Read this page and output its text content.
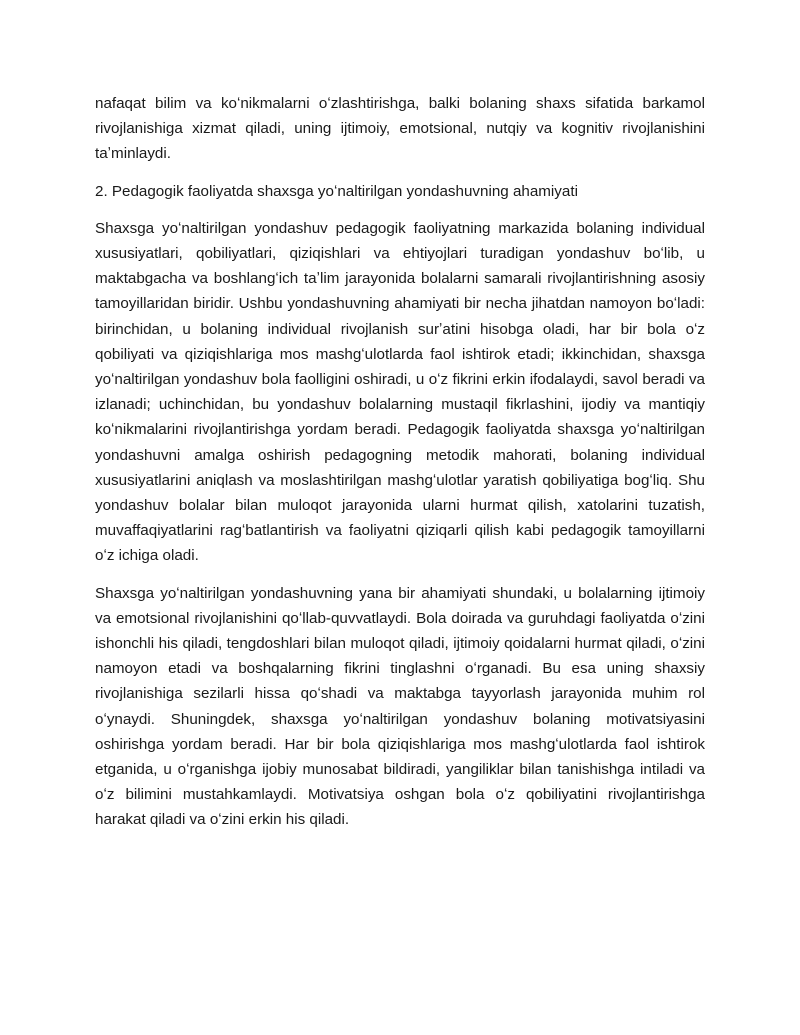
nafaqat bilim va koʻnikmalarni oʻzlashtirishga, balki bolaning shaxs sifatida barkamol rivojlanishiga xizmat qiladi, uning ijtimoiy, emotsional, nutqiy va kognitiv rivojlanishini taʼminlaydi.

2. Pedagogik faoliyatda shaxsga yoʻnaltirilgan yondashuvning ahamiyati

Shaxsga yoʻnaltirilgan yondashuv pedagogik faoliyatning markazida bolaning individual xususiyatlari, qobiliyatlari, qiziqishlari va ehtiyojlari turadigan yondashuv boʻlib, u maktabgacha va boshlangʻich taʼlim jarayonida bolalarni samarali rivojlantirishning asosiy tamoyillaridan biridir. Ushbu yondashuvning ahamiyati bir necha jihatdan namoyon boʻladi: birinchidan, u bolaning individual rivojlanish surʼatini hisobga oladi, har bir bola oʻz qobiliyati va qiziqishlariga mos mashgʻulotlarda faol ishtirok etadi; ikkinchidan, shaxsga yoʻnaltirilgan yondashuv bola faolligini oshiradi, u oʻz fikrini erkin ifodalaydi, savol beradi va izlanadi; uchinchidan, bu yondashuv bolalarning mustaqil fikrlashini, ijodiy va mantiqiy koʻnikmalarini rivojlantirishga yordam beradi. Pedagogik faoliyatda shaxsga yoʻnaltirilgan yondashuvni amalga oshirish pedagogning metodik mahorati, bolaning individual xususiyatlarini aniqlash va moslashtirilgan mashgʻulotlar yaratish qobiliyatiga bogʻliq. Shu yondashuv bolalar bilan muloqot jarayonida ularni hurmat qilish, xatolarini tuzatish, muvaffaqiyatlarini ragʻbatlantirish va faoliyatni qiziqarli qilish kabi pedagogik tamoyillarni oʻz ichiga oladi.

Shaxsga yoʻnaltirilgan yondashuvning yana bir ahamiyati shundaki, u bolalarning ijtimoiy va emotsional rivojlanishini qoʻllab-quvvatlaydi. Bola doirada va guruhdagi faoliyatda oʻzini ishonchli his qiladi, tengdoshlari bilan muloqot qiladi, ijtimoiy qoidalarni hurmat qiladi, oʻzini namoyon etadi va boshqalarning fikrini tinglashni oʻrganadi. Bu esa uning shaxsiy rivojlanishiga sezilarli hissa qoʻshadi va maktabga tayyorlash jarayonida muhim rol oʻynaydi. Shuningdek, shaxsga yoʻnaltirilgan yondashuv bolaning motivatsiyasini oshirishga yordam beradi. Har bir bola qiziqishlariga mos mashgʻulotlarda faol ishtirok etganida, u oʻrganishga ijobiy munosabat bildiradi, yangiliklar bilan tanishishga intiladi va oʻz bilimini mustahkamlaydi. Motivatsiya oshgan bola oʻz qobiliyatini rivojlantirishga harakat qiladi va oʻzini erkin his qiladi.
